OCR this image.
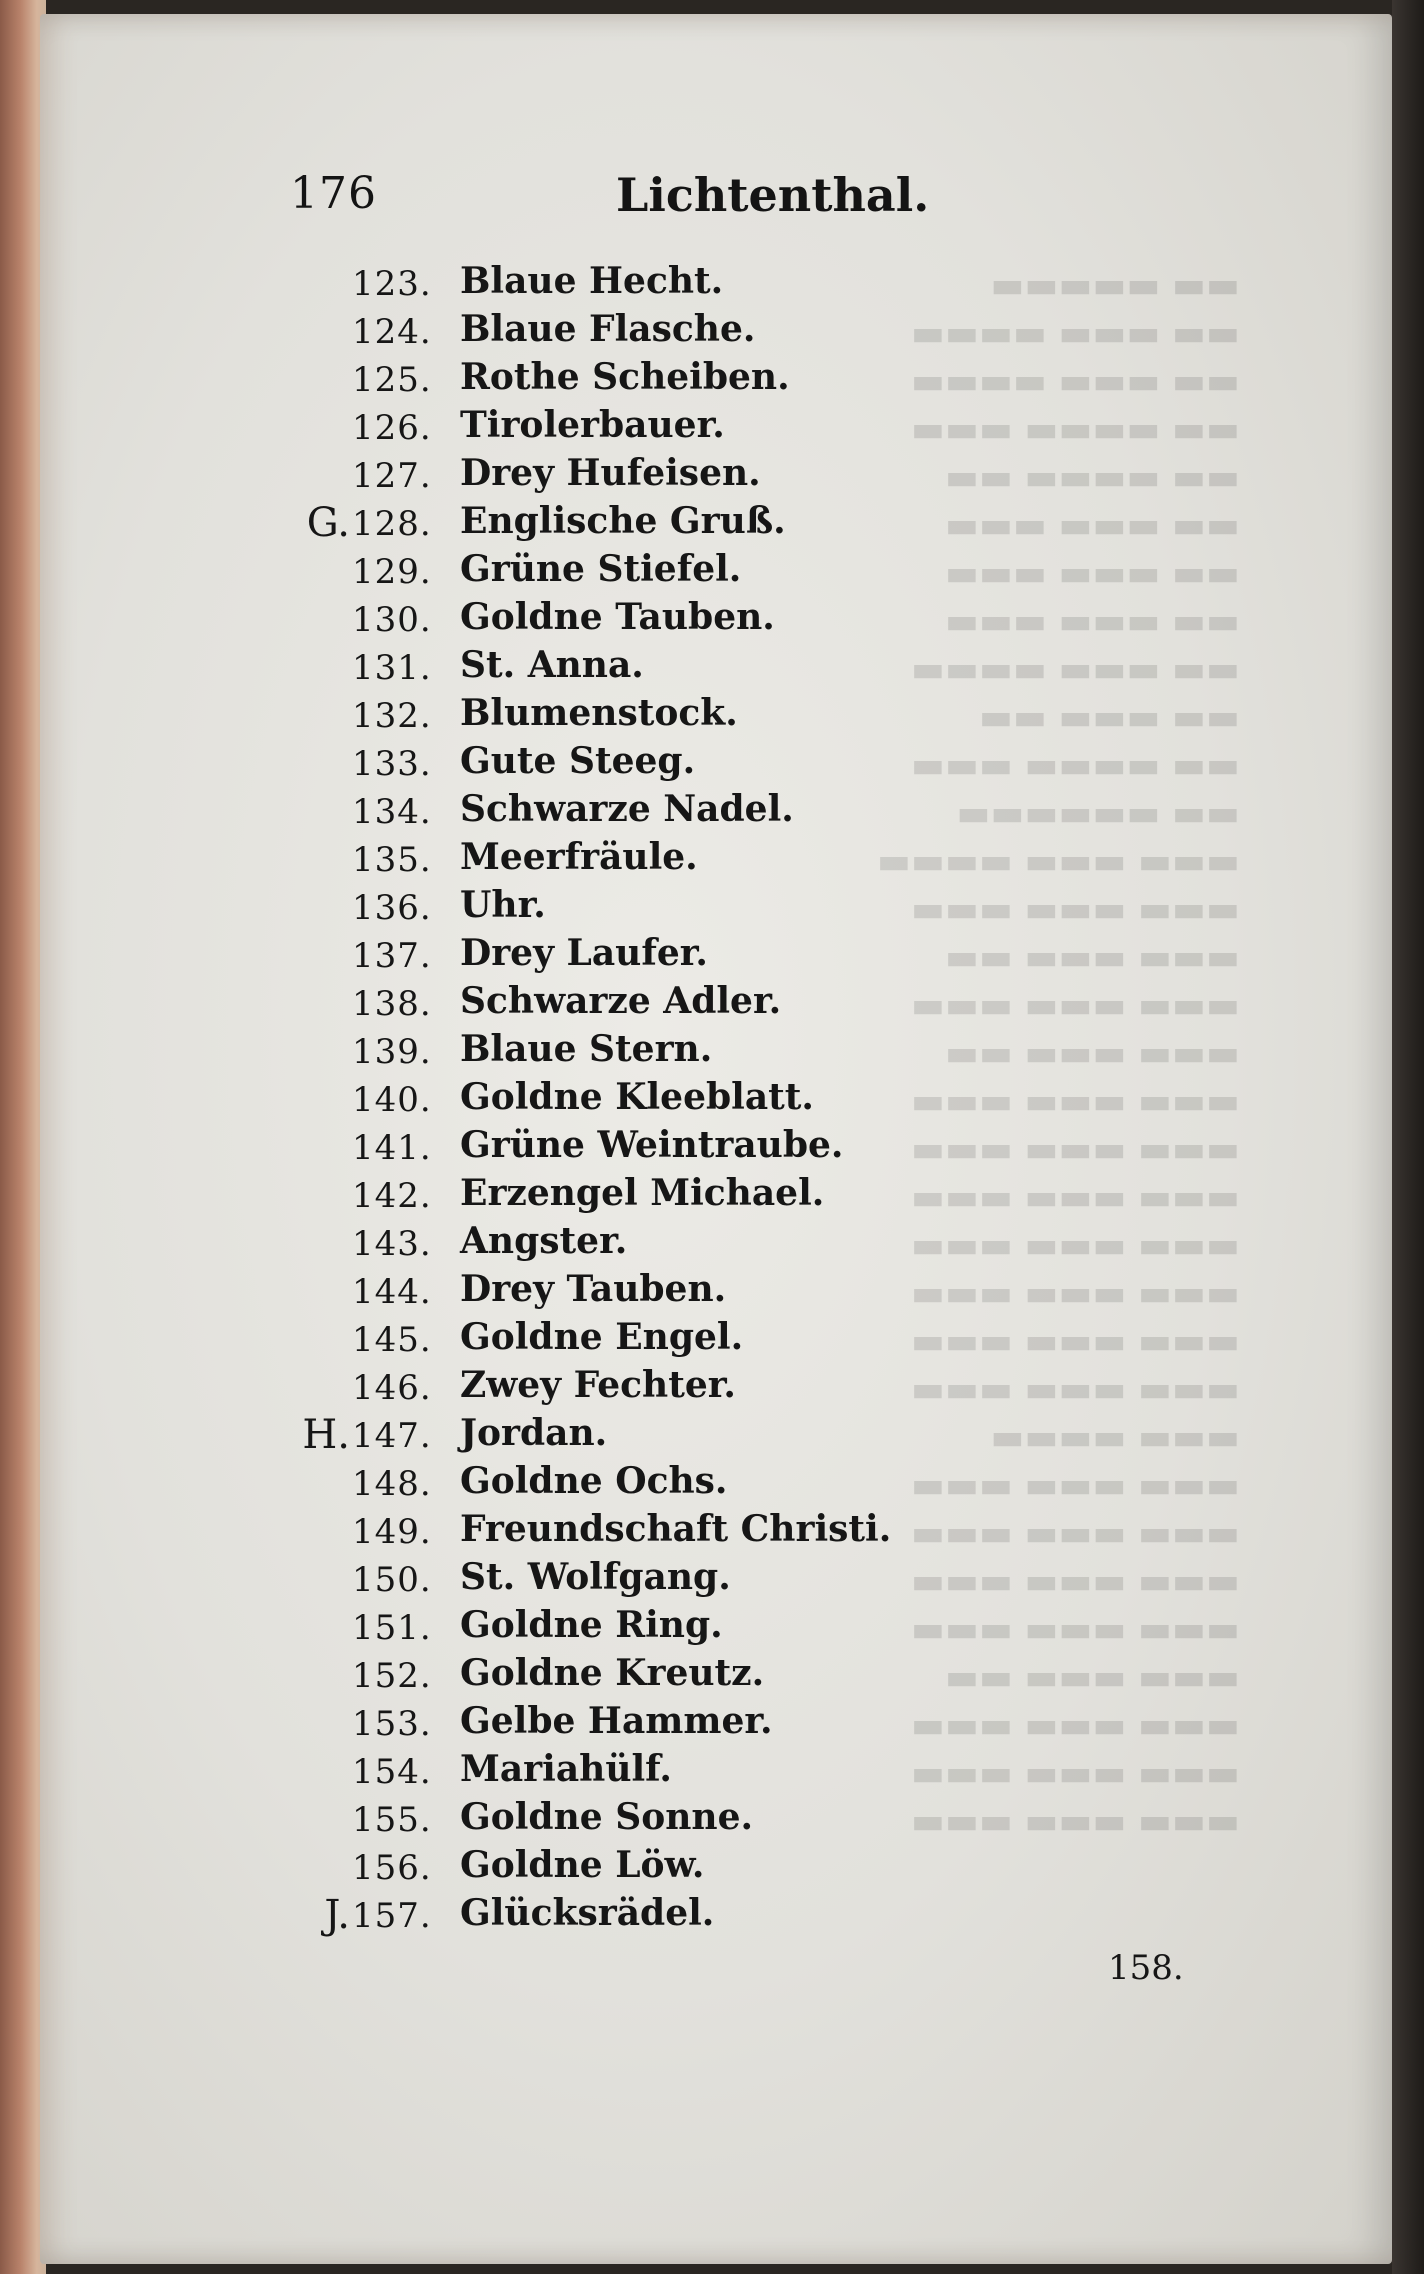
▬▬ ▬▬▬▬▬
▬▬ ▬▬▬ ▬▬▬▬
▬▬ ▬▬▬ ▬▬▬▬
▬▬ ▬▬▬▬ ▬▬▬
▬▬ ▬▬▬▬ ▬▬
▬▬ ▬▬▬ ▬▬▬
▬▬ ▬▬▬ ▬▬▬
▬▬ ▬▬▬ ▬▬▬
▬▬ ▬▬▬ ▬▬▬▬
▬▬ ▬▬▬ ▬▬
▬▬ ▬▬▬▬ ▬▬▬
▬▬ ▬▬▬▬▬▬
▬▬▬ ▬▬▬ ▬▬▬▬
▬▬▬ ▬▬▬ ▬▬▬
▬▬▬ ▬▬▬ ▬▬
▬▬▬ ▬▬▬ ▬▬▬
▬▬▬ ▬▬▬ ▬▬
▬▬▬ ▬▬▬ ▬▬▬
▬▬▬ ▬▬▬ ▬▬▬
▬▬▬ ▬▬▬ ▬▬▬
▬▬▬ ▬▬▬ ▬▬▬
▬▬▬ ▬▬▬ ▬▬▬
▬▬▬ ▬▬▬ ▬▬▬
▬▬▬ ▬▬▬ ▬▬▬
▬▬▬ ▬▬▬▬
▬▬▬ ▬▬▬ ▬▬▬
▬▬▬ ▬▬▬ ▬▬▬
▬▬▬ ▬▬▬ ▬▬▬
▬▬▬ ▬▬▬ ▬▬▬
▬▬▬ ▬▬▬ ▬▬
▬▬▬ ▬▬▬ ▬▬▬
▬▬▬ ▬▬▬ ▬▬▬
▬▬▬ ▬▬▬ ▬▬▬
176	Lichtenthal.
123. Blaue Hecht.
124. Blaue Flasche.
125. Rothe Scheiben.
126. Tirolerbauer.
127. Drey Hufeisen.
G. 128. Englische Gruß.
129. Grüne Stiefel.
130. Goldne Tauben.
131. St. Anna.
132. Blumenstock.
133. Gute Steeg.
134. Schwarze Nadel.
135. Meerfräule.
136. Uhr.
137. Drey Laufer.
138. Schwarze Adler.
139. Blaue Stern.
140. Goldne Kleeblatt.
141. Grüne Weintraube.
142. Erzengel Michael.
143. Angster.
144. Drey Tauben.
145. Goldne Engel.
146. Zwey Fechter.
H. 147. Jordan.
148. Goldne Ochs.
149. Freundschaft Christi.
150. St. Wolfgang.
151. Goldne Ring.
152. Goldne Kreutz.
153. Gelbe Hammer.
154. Mariahülf.
155. Goldne Sonne.
156. Goldne Löw.
J. 157. Glücksrädel.
158.
